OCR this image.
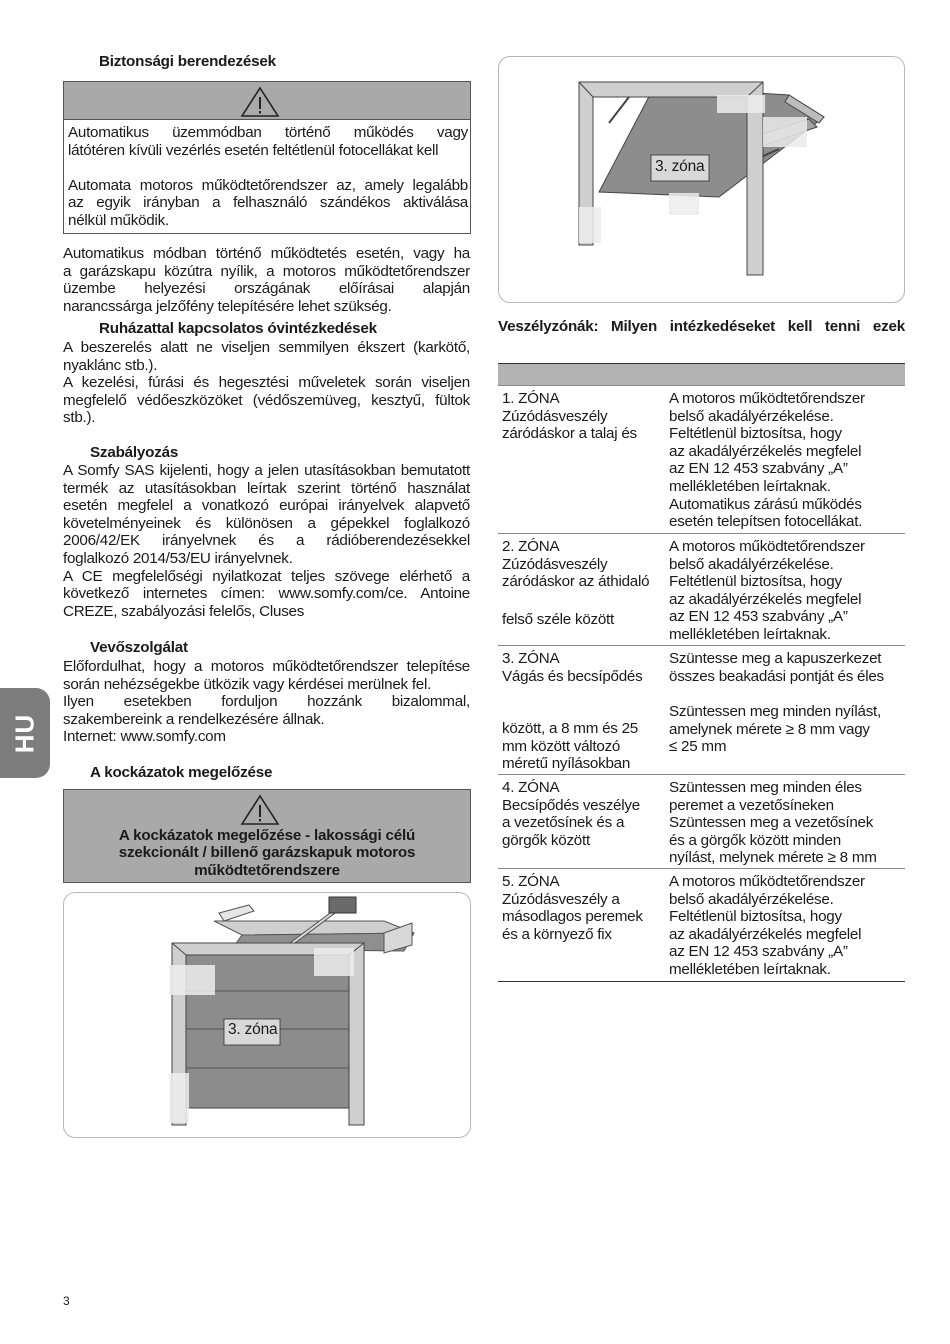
Biztonsági berendezések
Automatikus üzemmódban történő működés vagy
látótéren kívüli vezérlés esetén feltétlenül fotocellákat kell
Automata motoros működtetőrendszer az, amely legalább
az egyik irányban a felhasználó szándékos aktiválása
nélkül működik.
Automatikus módban történő működtetés esetén, vagy ha
a garázskapu közútra nyílik, a motoros működtetőrendszer
üzembe helyezési országának előírásai alapján
narancssárga jelzőfény telepítésére lehet szükség.
Ruházattal kapcsolatos óvintézkedések
A beszerelés alatt ne viseljen semmilyen ékszert (karkötő,
nyaklánc stb.).
A kezelési, fúrási és hegesztési műveletek során viseljen
megfelelő védőeszközöket (védőszemüveg, kesztyű, fültok
stb.).
Szabályozás
A Somfy SAS kijelenti, hogy a jelen utasításokban bemutatott
termék az utasításokban leírtak szerint történő használat
esetén megfelel a vonatkozó európai irányelvek alapvető
követelményeinek és különösen a gépekkel foglalkozó
2006/42/EK irányelvnek és a rádióberendezésekkel
foglalkozó 2014/53/EU irányelvnek.
A CE megfelelőségi nyilatkozat teljes szövege elérhető a
következő internetes címen: www.somfy.com/ce. Antoine
CREZE, szabályozási felelős, Cluses
Vevőszolgálat
Előfordulhat, hogy a motoros működtetőrendszer telepítése
során nehézségekbe ütközik vagy kérdései merülnek fel.
Ilyen esetekben forduljon hozzánk bizalommal,
szakembereink a rendelkezésére állnak.
Internet: www.somfy.com
A kockázatok megelőzése
A kockázatok megelőzése - lakossági célú
szekcionált / billenő garázskapuk motoros
működtetőrendszere
3. zóna
HU
3
3. zóna
Veszélyzónák: Milyen intézkedéseket kell tenni ezek
1. ZÓNA
Zúzódásveszély
záródáskor a talaj és
A motoros működtetőrendszer
belső akadályérzékelése.
Feltétlenül biztosítsa, hogy
az akadályérzékelés megfelel
az EN 12 453 szabvány „A”
mellékletében leírtaknak.
Automatikus zárású működés
esetén telepítsen fotocellákat.
2. ZÓNA
Zúzódásveszély
záródáskor az áthidaló
felső széle között
A motoros működtetőrendszer
belső akadályérzékelése.
Feltétlenül biztosítsa, hogy
az akadályérzékelés megfelel
az EN 12 453 szabvány „A”
mellékletében leírtaknak.
3. ZÓNA
Vágás és becsípődés
között, a 8 mm és 25
mm között változó
méretű nyílásokban
Szüntesse meg a kapuszerkezet
összes beakadási pontját és éles
Szüntessen meg minden nyílást,
amelynek mérete ≥ 8 mm vagy
≤ 25 mm
4. ZÓNA
Becsípődés veszélye
a vezetősínek és a
görgők között
Szüntessen meg minden éles
peremet a vezetősíneken
Szüntessen meg a vezetősínek
és a görgők között minden
nyílást, melynek mérete ≥ 8 mm
5. ZÓNA
Zúzódásveszély a
másodlagos peremek
és a környező fix
A motoros működtetőrendszer
belső akadályérzékelése.
Feltétlenül biztosítsa, hogy
az akadályérzékelés megfelel
az EN 12 453 szabvány „A”
mellékletében leírtaknak.
